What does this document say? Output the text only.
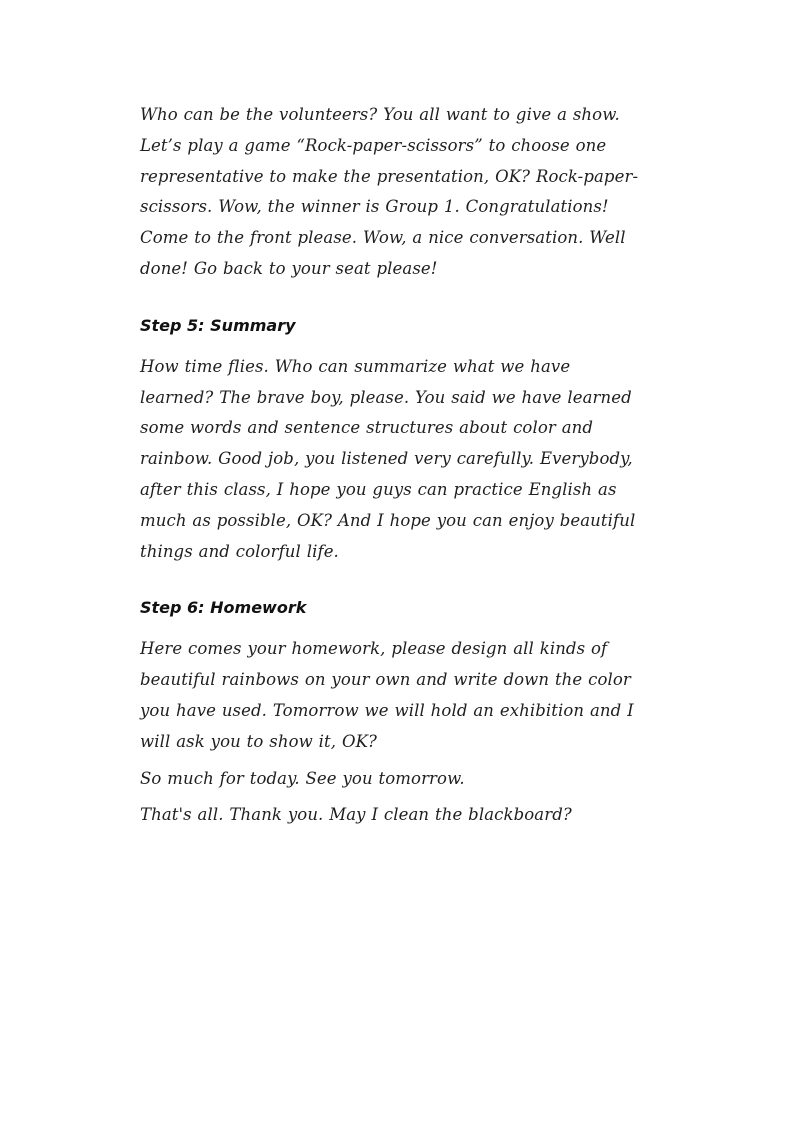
Who can be the volunteers? You all want to give a show. Let’s play a game “Rock-paper-scissors” to choose one representative to make the presentation, OK? Rock-paper-scissors. Wow, the winner is Group 1. Congratulations! Come to the front please. Wow, a nice conversation. Well done! Go back to your seat please!

Step 5: Summary

How time flies. Who can summarize what we have learned? The brave boy, please. You said we have learned some words and sentence structures about color and rainbow. Good job, you listened very carefully. Everybody, after this class, I hope you guys can practice English as much as possible, OK? And I hope you can enjoy beautiful things and colorful life.

Step 6: Homework

Here comes your homework, please design all kinds of beautiful rainbows on your own and write down the color you have used. Tomorrow we will hold an exhibition and I will ask you to show it, OK?

So much for today. See you tomorrow.

That's all. Thank you. May I clean the blackboard?
